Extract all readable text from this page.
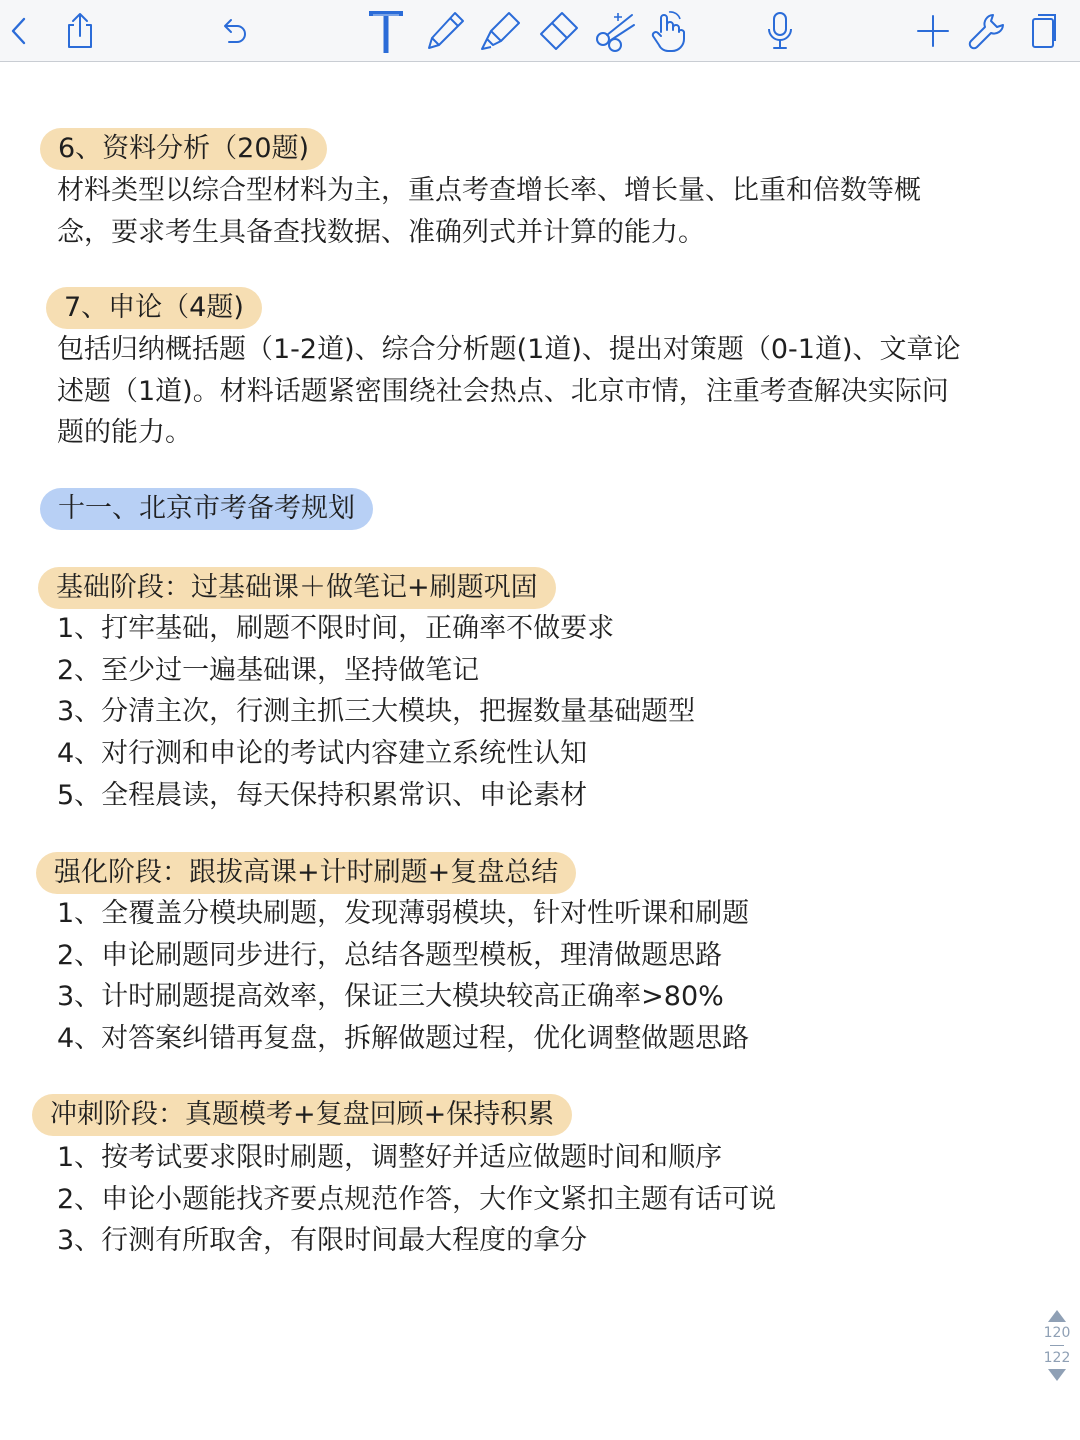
6、资料分析（20题)

材料类型以综合型材料为主，重点考查增长率、增长量、比重和倍数等概
念，要求考生具备查找数据、准确列式并计算的能力。

7、申论（4题)

包括归纳概括题（1-2道)、综合分析题(1道)、提出对策题（0-1道)、文章论
述题（1道)。材料话题紧密围绕社会热点、北京市情，注重考查解决实际问
题的能力。

十一、北京市考备考规划
基础阶段：过基础课＋做笔记+刷题巩固
1、打牢基础，刷题不限时间，正确率不做要求
2、至少过一遍基础课，坚持做笔记
3、分清主次，行测主抓三大模块，把握数量基础题型
4、对行测和申论的考试内容建立系统性认知
5、全程晨读，每天保持积累常识、申论素材
强化阶段：跟拔高课+计时刷题+复盘总结
1、全覆盖分模块刷题，发现薄弱模块，针对性听课和刷题
2、申论刷题同步进行，总结各题型模板，理清做题思路
3、计时刷题提高效率，保证三大模块较高正确率>80%
4、对答案纠错再复盘，拆解做题过程，优化调整做题思路
冲刺阶段：真题模考+复盘回顾+保持积累
1、按考试要求限时刷题，调整好并适应做题时间和顺序
2、申论小题能找齐要点规范作答，大作文紧扣主题有话可说
3、行测有所取舍，有限时间最大程度的拿分
120
122
